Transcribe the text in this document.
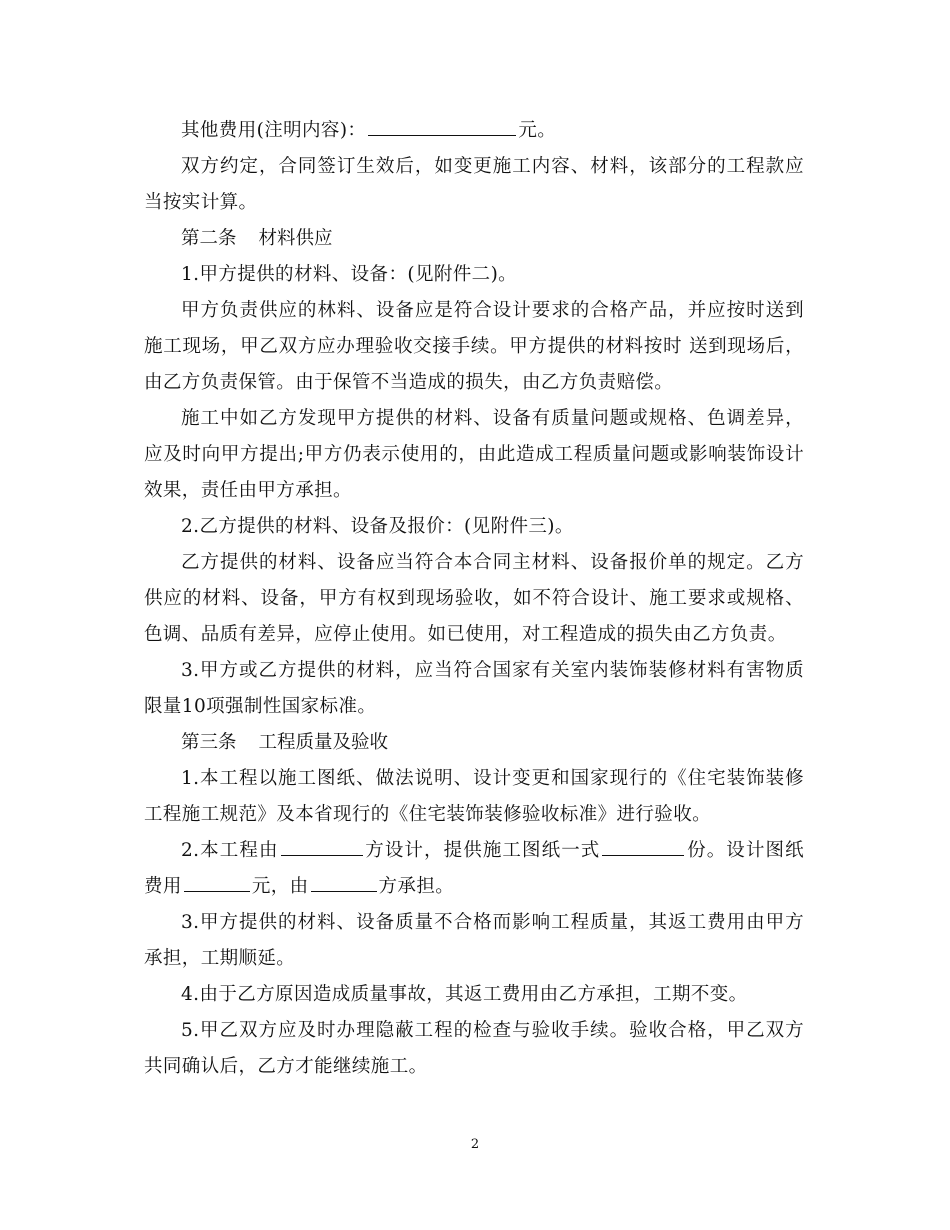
其他费用(注明内容)：	元。

双方约定，合同签订生效后，如变更施工内容、材料，该部分的工程款应当按实计算。

第二条 材料供应

1.甲方提供的材料、设备：(见附件二)。

甲方负责供应的林料、设备应是符合设计要求的合格产品，并应按时送到施工现场，甲乙双方应办理验收交接手续。甲方提供的材料按时 送到现场后，由乙方负责保管。由于保管不当造成的损失，由乙方负责赔偿。

施工中如乙方发现甲方提供的材料、设备有质量问题或规格、色调差异，应及时向甲方提出;甲方仍表示使用的，由此造成工程质量问题或影响装饰设计效果，责任由甲方承担。

2.乙方提供的材料、设备及报价：(见附件三)。

乙方提供的材料、设备应当符合本合同主材料、设备报价单的规定。乙方供应的材料、设备，甲方有权到现场验收，如不符合设计、施工要求或规格、色调、品质有差异，应停止使用。如已使用，对工程造成的损失由乙方负责。

3.甲方或乙方提供的材料，应当符合国家有关室内装饰装修材料有害物质限量10项强制性国家标准。

第三条 工程质量及验收

1.本工程以施工图纸、做法说明、设计变更和国家现行的《住宅装饰装修工程施工规范》及本省现行的《住宅装饰装修验收标准》进行验收。

2.本工程由	方设计，提供施工图纸一式	份。设计图纸费用	元，由	方承担。

3.甲方提供的材料、设备质量不合格而影响工程质量，其返工费用由甲方承担，工期顺延。

4.由于乙方原因造成质量事故，其返工费用由乙方承担，工期不变。

5.甲乙双方应及时办理隐蔽工程的检查与验收手续。验收合格，甲乙双方共同确认后，乙方才能继续施工。

2
